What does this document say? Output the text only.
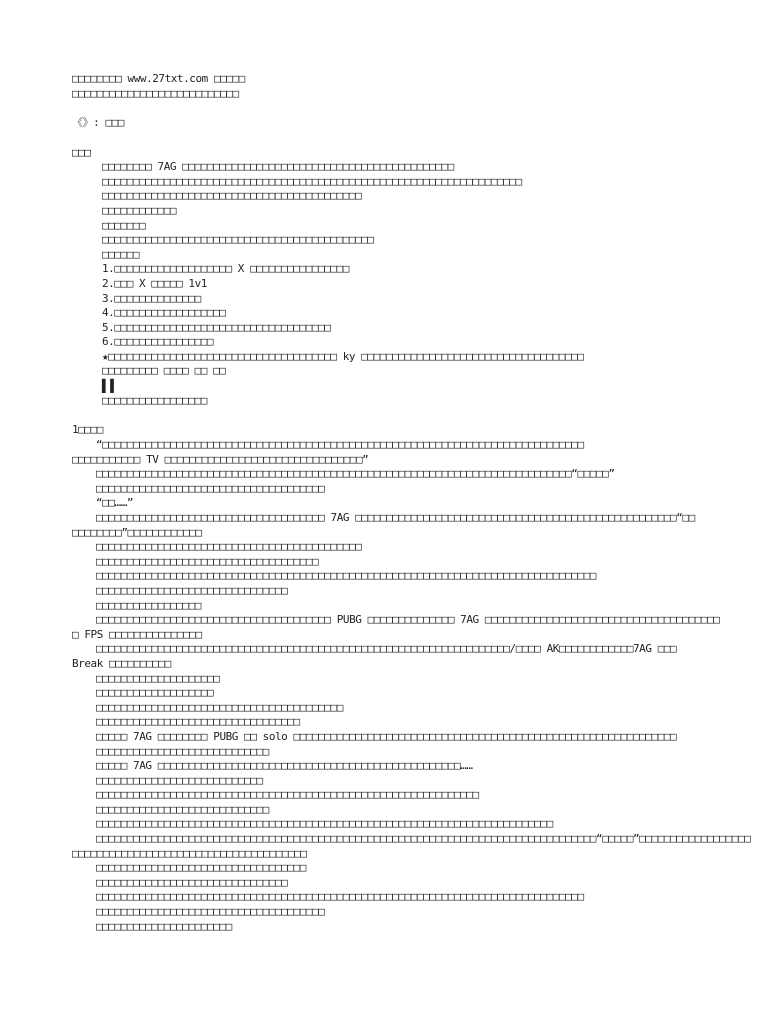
□□□□□□□□ www.27txt.com □□□□□
□□□□□□□□□□□□□□□□□□□□□□□□□□□
《》: □□□
□□□
□□□□□□□□ 7AG □□□□□□□□□□□□□□□□□□□□□□□□□□□□□□□□□□□□□□□□□□□□
□□□□□□□□□□□□□□□□□□□□□□□□□□□□□□□□□□□□□□□□□□□□□□□□□□□□□□□□□□□□□□□□□□□□
□□□□□□□□□□□□□□□□□□□□□□□□□□□□□□□□□□□□□□□□□□
□□□□□□□□□□□□
□□□□□□□
□□□□□□□□□□□□□□□□□□□□□□□□□□□□□□□□□□□□□□□□□□□□
□□□□□□
1.□□□□□□□□□□□□□□□□□□□ X □□□□□□□□□□□□□□□□
2.□□□ X □□□□□ 1v1
3.□□□□□□□□□□□□□□
4.□□□□□□□□□□□□□□□□□□
5.□□□□□□□□□□□□□□□□□□□□□□□□□□□□□□□□□□□
6.□□□□□□□□□□□□□□□□
★□□□□□□□□□□□□□□□□□□□□□□□□□□□□□□□□□□□□□ ky □□□□□□□□□□□□□□□□□□□□□□□□□□□□□□□□□□□□
□□□□□□□□□ □□□□ □□ □□
▌▌
□□□□□□□□□□□□□□□□□
1□□□□
“□□□□□□□□□□□□□□□□□□□□□□□□□□□□□□□□□□□□□□□□□□□□□□□□□□□□□□□□□□□□□□□□□□□□□□□□□□□□□□
□□□□□□□□□□□ TV □□□□□□□□□□□□□□□□□□□□□□□□□□□□□□□□”
□□□□□□□□□□□□□□□□□□□□□□□□□□□□□□□□□□□□□□□□□□□□□□□□□□□□□□□□□□□□□□□□□□□□□□□□□□□□□“□□□□□”
□□□□□□□□□□□□□□□□□□□□□□□□□□□□□□□□□□□□□
“□□……”
□□□□□□□□□□□□□□□□□□□□□□□□□□□□□□□□□□□□□ 7AG □□□□□□□□□□□□□□□□□□□□□□□□□□□□□□□□□□□□□□□□□□□□□□□□□□□□“□□
□□□□□□□□”□□□□□□□□□□□□
□□□□□□□□□□□□□□□□□□□□□□□□□□□□□□□□□□□□□□□□□□□
□□□□□□□□□□□□□□□□□□□□□□□□□□□□□□□□□□□□
□□□□□□□□□□□□□□□□□□□□□□□□□□□□□□□□□□□□□□□□□□□□□□□□□□□□□□□□□□□□□□□□□□□□□□□□□□□□□□□□□
□□□□□□□□□□□□□□□□□□□□□□□□□□□□□□□
□□□□□□□□□□□□□□□□□
□□□□□□□□□□□□□□□□□□□□□□□□□□□□□□□□□□□□□□ PUBG □□□□□□□□□□□□□□ 7AG □□□□□□□□□□□□□□□□□□□□□□□□□□□□□□□□□□□□□□
□ FPS □□□□□□□□□□□□□□□
□□□□□□□□□□□□□□□□□□□□□□□□□□□□□□□□□□□□□□□□□□□□□□□□□□□□□□□□□□□□□□□□□□□/□□□□ AK□□□□□□□□□□□□7AG □□□
Break □□□□□□□□□□
□□□□□□□□□□□□□□□□□□□□
□□□□□□□□□□□□□□□□□□□
□□□□□□□□□□□□□□□□□□□□□□□□□□□□□□□□□□□□□□□□
□□□□□□□□□□□□□□□□□□□□□□□□□□□□□□□□□
□□□□□ 7AG □□□□□□□□ PUBG □□ solo □□□□□□□□□□□□□□□□□□□□□□□□□□□□□□□□□□□□□□□□□□□□□□□□□□□□□□□□□□□□□□
□□□□□□□□□□□□□□□□□□□□□□□□□□□□
□□□□□ 7AG □□□□□□□□□□□□□□□□□□□□□□□□□□□□□□□□□□□□□□□□□□□□□□□□□……
□□□□□□□□□□□□□□□□□□□□□□□□□□□
□□□□□□□□□□□□□□□□□□□□□□□□□□□□□□□□□□□□□□□□□□□□□□□□□□□□□□□□□□□□□□
□□□□□□□□□□□□□□□□□□□□□□□□□□□□
□□□□□□□□□□□□□□□□□□□□□□□□□□□□□□□□□□□□□□□□□□□□□□□□□□□□□□□□□□□□□□□□□□□□□□□□□□
□□□□□□□□□□□□□□□□□□□□□□□□□□□□□□□□□□□□□□□□□□□□□□□□□□□□□□□□□□□□□□□□□□□□□□□□□□□□□□□□□“□□□□□”□□□□□□□□□□□□□□□□□□
□□□□□□□□□□□□□□□□□□□□□□□□□□□□□□□□□□□□□□
□□□□□□□□□□□□□□□□□□□□□□□□□□□□□□□□□□
□□□□□□□□□□□□□□□□□□□□□□□□□□□□□□□
□□□□□□□□□□□□□□□□□□□□□□□□□□□□□□□□□□□□□□□□□□□□□□□□□□□□□□□□□□□□□□□□□□□□□□□□□□□□□□□
□□□□□□□□□□□□□□□□□□□□□□□□□□□□□□□□□□□□□
□□□□□□□□□□□□□□□□□□□□□□
